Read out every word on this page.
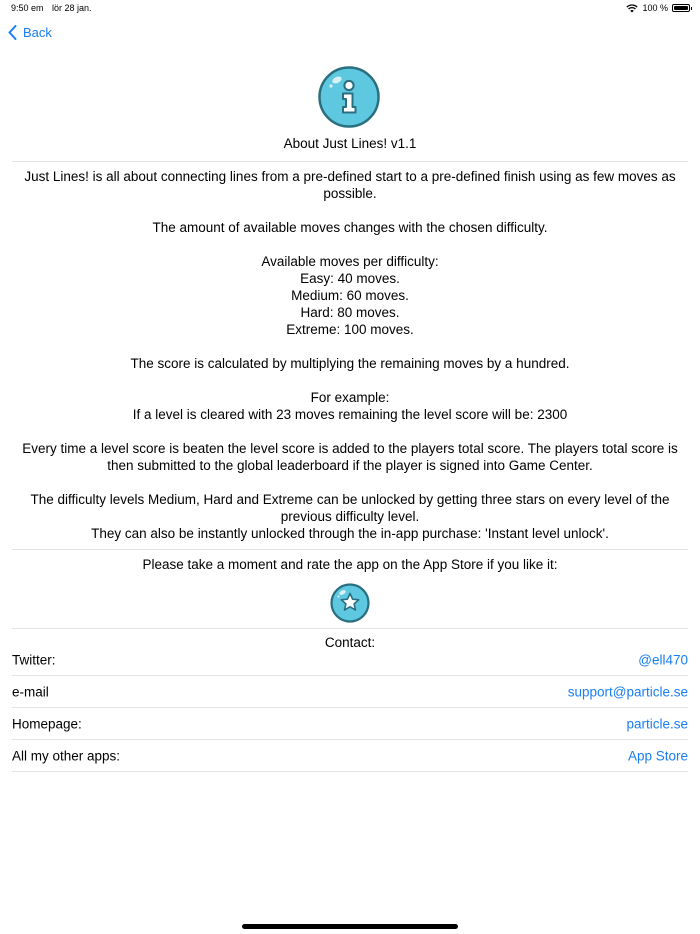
9:50 em lör 28 jan.	100 %
Back
About Just Lines! v1.1

Just Lines! is all about connecting lines from a pre-defined start to a pre-defined finish using as few moves as possible.

The amount of available moves changes with the chosen difficulty.

Available moves per difficulty:
Easy: 40 moves.
Medium: 60 moves.
Hard: 80 moves.
Extreme: 100 moves.

The score is calculated by multiplying the remaining moves by a hundred.

For example:
If a level is cleared with 23 moves remaining the level score will be: 2300

Every time a level score is beaten the level score is added to the players total score. The players total score is then submitted to the global leaderboard if the player is signed into Game Center.

The difficulty levels Medium, Hard and Extreme can be unlocked by getting three stars on every level of the previous difficulty level.
They can also be instantly unlocked through the in-app purchase: 'Instant level unlock'.

Please take a moment and rate the app on the App Store if you like it:
Contact:
Twitter:	@ell470
e-mail	support@particle.se
Homepage:	particle.se
All my other apps:	App Store
